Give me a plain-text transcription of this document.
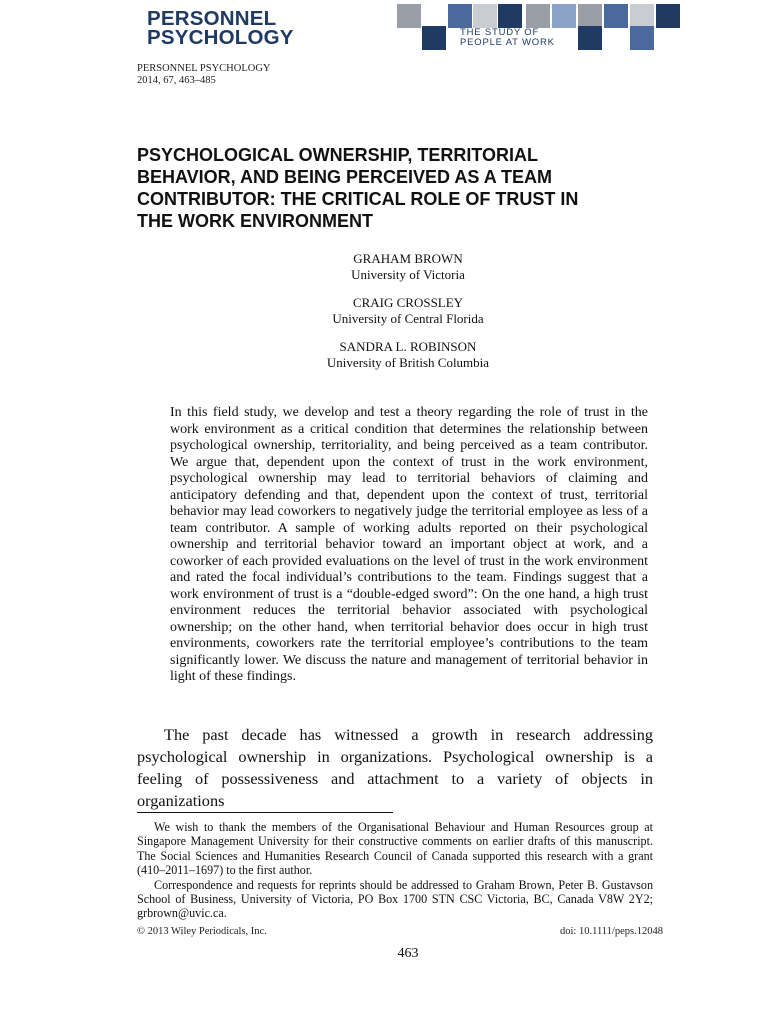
PERSONNEL
PSYCHOLOGY	THE STUDY OF
PEOPLE AT WORK
PERSONNEL PSYCHOLOGY
2014, 67, 463–485
PSYCHOLOGICAL OWNERSHIP, TERRITORIAL
BEHAVIOR, AND BEING PERCEIVED AS A TEAM
CONTRIBUTOR: THE CRITICAL ROLE OF TRUST IN
THE WORK ENVIRONMENT
GRAHAM BROWN
University of Victoria
CRAIG CROSSLEY
University of Central Florida
SANDRA L. ROBINSON
University of British Columbia
In this field study, we develop and test a theory regarding the role of trust in the work environment as a critical condition that determines the relationship between psychological ownership, territoriality, and being perceived as a team contributor. We argue that, dependent upon the context of trust in the work environment, psychological ownership may lead to territorial behaviors of claiming and anticipatory defending and that, dependent upon the context of trust, territorial behavior may lead coworkers to negatively judge the territorial employee as less of a team contributor. A sample of working adults reported on their psychological ownership and territorial behavior toward an important object at work, and a coworker of each provided evaluations on the level of trust in the work environment and rated the focal individual’s contributions to the team. Findings suggest that a work environment of trust is a “double-edged sword”: On the one hand, a high trust environment reduces the territorial behavior associated with psychological ownership; on the other hand, when territorial behavior does occur in high trust environments, coworkers rate the territorial employee’s contributions to the team significantly lower. We discuss the nature and management of territorial behavior in light of these findings.
The past decade has witnessed a growth in research addressing psychological ownership in organizations. Psychological ownership is a feeling of possessiveness and attachment to a variety of objects in organizations

We wish to thank the members of the Organisational Behaviour and Human Resources group at Singapore Management University for their constructive comments on earlier drafts of this manuscript. The Social Sciences and Humanities Research Council of Canada supported this research with a grant (410–2011–1697) to the first author.

Correspondence and requests for reprints should be addressed to Graham Brown, Peter B. Gustavson School of Business, University of Victoria, PO Box 1700 STN CSC Victoria, BC, Canada V8W 2Y2; grbrown@uvic.ca.

© 2013 Wiley Periodicals, Inc.	doi: 10.1111/peps.12048
463
